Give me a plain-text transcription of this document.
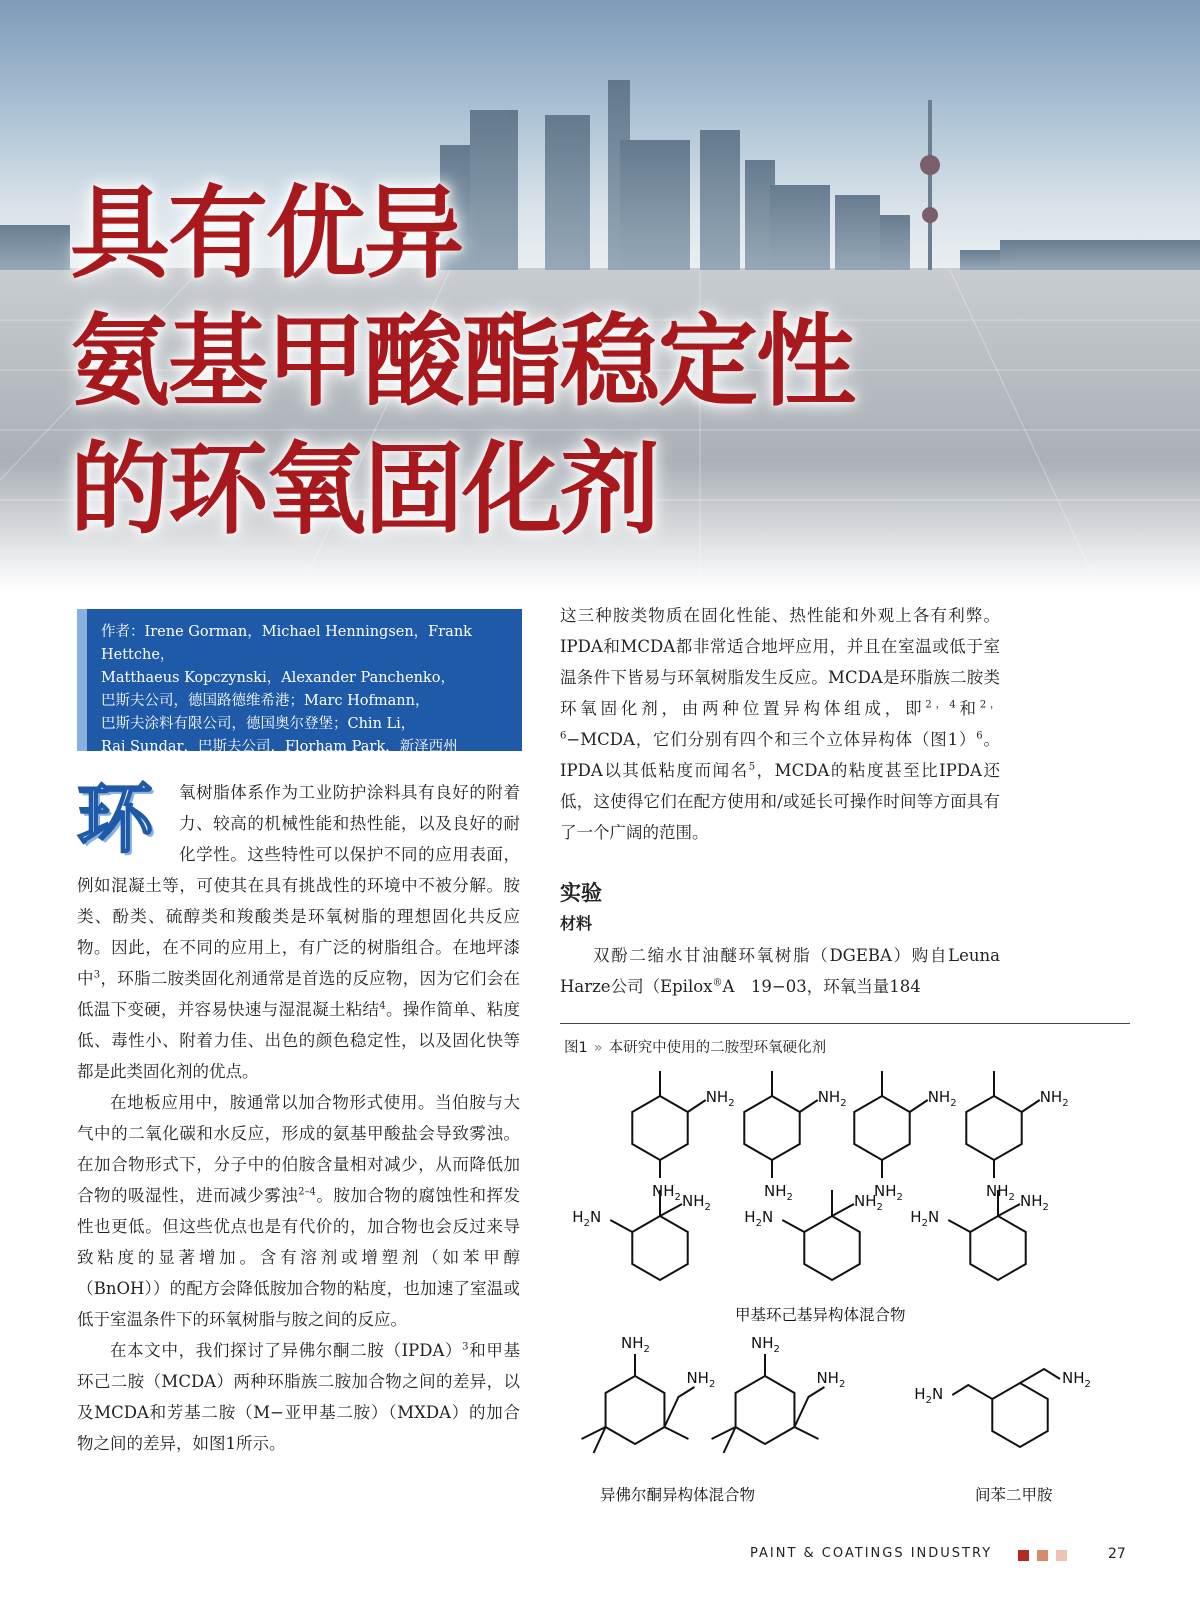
具有优异
氨基甲酸酯稳定性
的环氧固化剂
作者：Irene Gorman，Michael Henningsen，Frank Hettche，
Matthaeus Kopczynski，Alexander Panchenko，
巴斯夫公司，德国路德维希港；Marc Hofmann，
巴斯夫涂料有限公司，德国奥尔登堡；Chin Li，
Raj Sundar，巴斯夫公司，Florham Park，新泽西州

环	氧树脂体系作为工业防护涂料具有良好的附着力、较高的机械性能和热性能，以及良好的耐化学性。这些特性可以保护不同的应用表面，例如混凝土等，可使其在具有挑战性的环境中不被分解。胺类、酚类、硫醇类和羧酸类是环氧树脂的理想固化共反应物。因此，在不同的应用上，有广泛的树脂组合。在地坪漆中$^3$，环脂二胺类固化剂通常是首选的反应物，因为它们会在低温下变硬，并容易快速与湿混凝土粘结$^4$。操作简单、粘度低、毒性小、附着力佳、出色的颜色稳定性，以及固化快等都是此类固化剂的优点。

在地板应用中，胺通常以加合物形式使用。当伯胺与大气中的二氧化碳和水反应，形成的氨基甲酸盐会导致雾浊。在加合物形式下，分子中的伯胺含量相对减少，从而降低加合物的吸湿性，进而减少雾浊$^{2-4}$。胺加合物的腐蚀性和挥发性也更低。但这些优点也是有代价的，加合物也会反过来导致粘度的显著增加。含有溶剂或增塑剂（如苯甲醇（BnOH））的配方会降低胺加合物的粘度，也加速了室温或低于室温条件下的环氧树脂与胺之间的反应。

在本文中，我们探讨了异佛尔酮二胺（IPDA）$^3$和甲基环己二胺（MCDA）两种环脂族二胺加合物之间的差异，以及MCDA和芳基二胺（M−亚甲基二胺）（MXDA）的加合物之间的差异，如图1所示。

这三种胺类物质在固化性能、热性能和外观上各有利弊。IPDA和MCDA都非常适合地坪应用，并且在室温或低于室温条件下皆易与环氧树脂发生反应。MCDA是环脂族二胺类环氧固化剂，由两种位置异构体组成，即$^{2,4}$和$^{2,6}$−MCDA，它们分别有四个和三个立体异构体（图1）$^6$。IPDA以其低粘度而闻名$^5$，MCDA的粘度甚至比IPDA还低，这使得它们在配方使用和/或延长可操作时间等方面具有了一个广阔的范围。

实验
材料

双酚二缩水甘油醚环氧树脂（DGEBA）购自Leuna　Harze公司（Epilox®A　19−03，环氧当量184

图1 » 本研究中使用的二胺型环氧硬化剂
$NH_2$
$NH_2$
$NH_2$
$NH_2$
$NH_2$
$NH_2$
$NH_2$
$NH_2$
$NH_2$
$H_2N$
$NH_2$
$H_2N$
$NH_2$
$H_2N$
$NH_2$
$NH_2$
$NH_2$
$NH_2$
$H_2N$
$NH_2$
甲基环己基异构体混合物
异佛尔酮异构体混合物	间苯二甲胺
PAINT & COATINGS INDUSTRY	27
